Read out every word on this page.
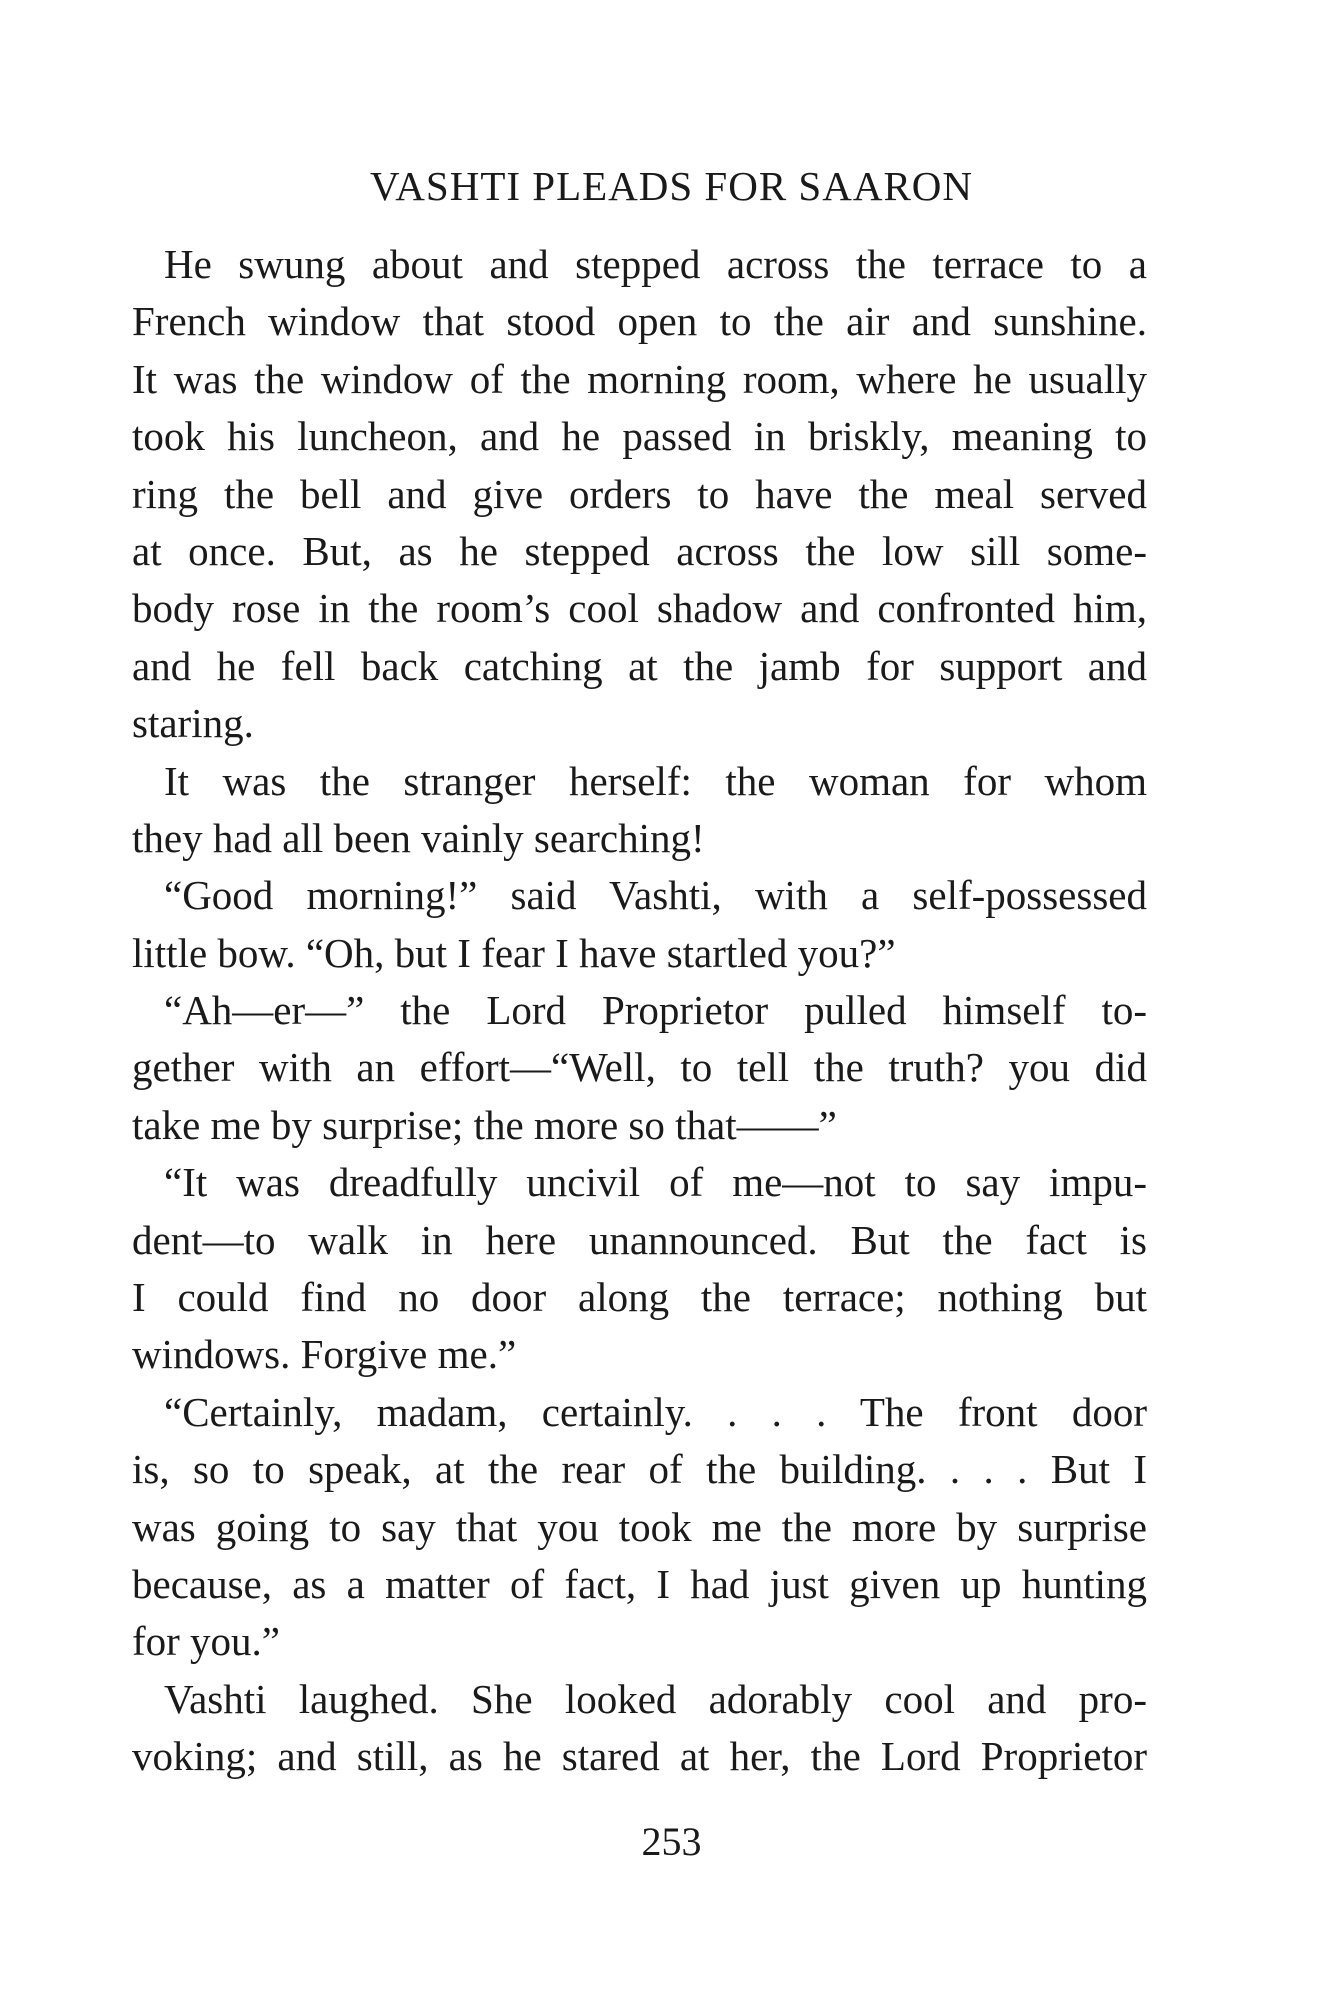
VASHTI PLEADS FOR SAARON
He swung about and stepped across the terrace to a
French window that stood open to the air and sunshine.
It was the window of the morning room, where he usually
took his luncheon, and he passed in briskly, meaning to
ring the bell and give orders to have the meal served
at once. But, as he stepped across the low sill some-
body rose in the room’s cool shadow and confronted him,
and he fell back catching at the jamb for support and
staring.
It was the stranger herself: the woman for whom
they had all been vainly searching!
“Good morning!” said Vashti, with a self-possessed
little bow. “Oh, but I fear I have startled you?”
“Ah—er—” the Lord Proprietor pulled himself to-
gether with an effort—“Well, to tell the truth? you did
take me by surprise; the more so that——”
“It was dreadfully uncivil of me—not to say impu-
dent—to walk in here unannounced. But the fact is
I could find no door along the terrace; nothing but
windows. Forgive me.”
“Certainly, madam, certainly. . . . The front door
is, so to speak, at the rear of the building. . . . But I
was going to say that you took me the more by surprise
because, as a matter of fact, I had just given up hunting
for you.”
Vashti laughed. She looked adorably cool and pro-
voking; and still, as he stared at her, the Lord Proprietor
253
